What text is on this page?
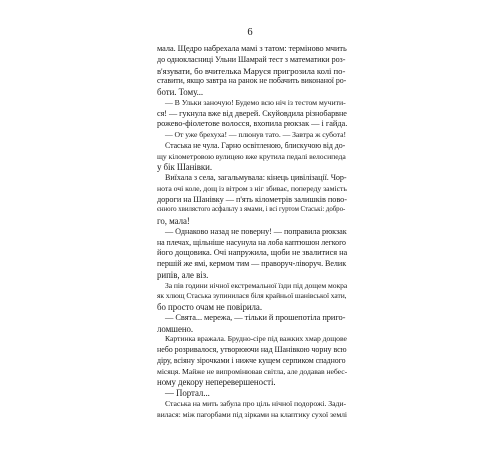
6
мала. Щедро набрехала мамі з татом: терміново мчить
до однокласниці Ульни Шамрай тест з математики роз-
в'язувати, бо вчителька Маруся пригрозила колі по-
ставити, якщо завтра на ранок не побачить виконаної ро-
боти. Тому...
— В Ульки заночую! Будемо всю ніч із тестом мучити-
ся! — гукнула вже від дверей. Скуйовдила різнобарвне
рожево-фіолетове волосся, вхопила рюкзак — і гайда.
— От уже брехуха! — плюнув тато. — Завтра ж субота!
Стаська не чула. Гарно освітленою, блискучою від до-
щу кілометровою вулицею вже крутила педалі велосипеда
у бік Шанівки.
Виїхала з села, загальмувала: кінець цивілізації. Чор-
нота очі коле, дощ із вітром з ніг збиває, попереду замість
дороги на Шанівку — п'ять кілометрів залишків пово-
єнного хвилястого асфальту з ямами, і всі гуртом Стаські: добро-
го, мала!
— Однаково назад не поверну! — поправила рюкзак
на плечах, щільніше насунула на лоба каптюшон легкого
його дощовика. Очі напружила, щоби не звалитися на
першій же ямі, кермом тим — праворуч-ліворуч. Велик
рипів, але віз.
За пів години нічної екстремальної їзди під дощем мокра
як хлющ Стаська зупинилася біля крайньої шанівської хати,
бо просто очам не повірила.
— Свята... мережа, — тільки й прошепотіла приго-
ломшено.
Картинка вражала. Брудно-сіре під важких хмар дощове
небо розривалося, утворюючи над Шанівкою чорну всю
діру, всіяну зірочками і нижче кущем серпиком спадного
місяця. Майже не випромінював світла, але додавав небес-
ному декору неперевершеності.
— Портал...
Стаська на мить забула про ціль нічної подорожі. Зади-
вилася: між пагорбами під зірками на клаптику сухої землі
